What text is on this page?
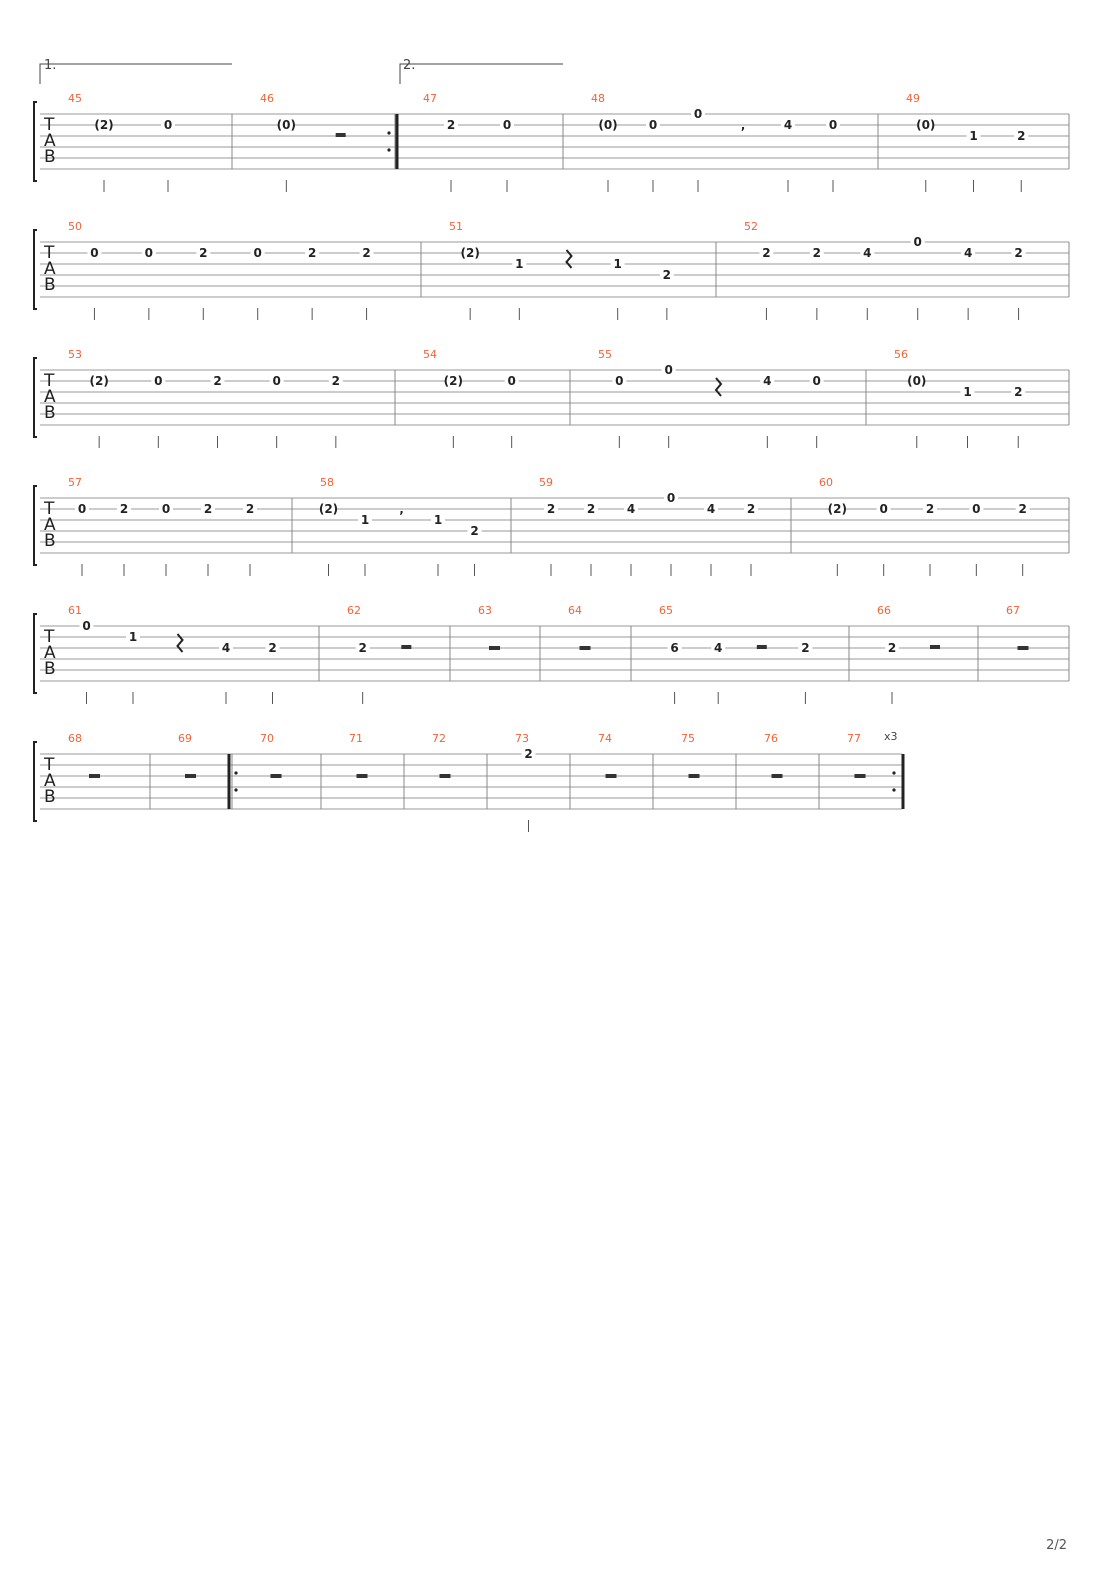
T
A
B
45
(2)	0
46
(0)
47
2	0
48
(0)	0
0
4	0
’
49
(0)
1	2
T
A
B
50
0	0	2	0	2	2
51
(2)
1	1
2
52
2	2	4
0
4	2
T
A
B
53
(2)	0	2	0	2
54
(2)	0
55
0
0
4	0
56
(0)
1	2
T
A
B
57
0	2	0	2	2
58
(2)
1	1
2
’
59
2	2	4
0
4	2
60
(2)	0	2	0	2
T
A
B
61
0
1
4	2
62
2
63	64	65
6	4	2
66
2
67
T
A
B
68	69	70	71	72	73
2
74	75	76	77
1.	2.
x3
2/2
